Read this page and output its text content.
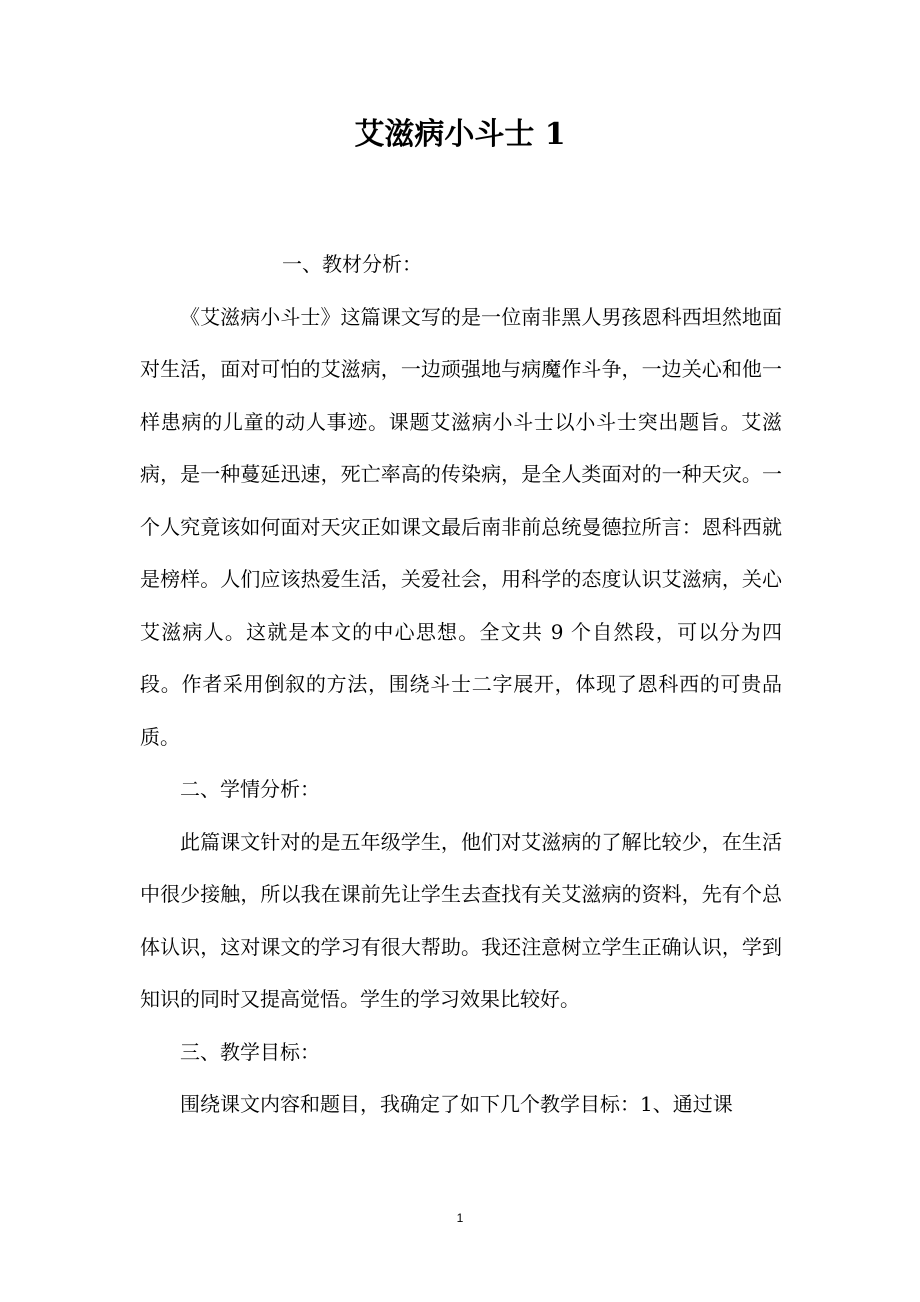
艾滋病小斗士 1

一、教材分析：

《艾滋病小斗士》这篇课文写的是一位南非黑人男孩恩科西坦然地面对生活，面对可怕的艾滋病，一边顽强地与病魔作斗争，一边关心和他一样患病的儿童的动人事迹。课题艾滋病小斗士以小斗士突出题旨。艾滋病，是一种蔓延迅速，死亡率高的传染病，是全人类面对的一种天灾。一个人究竟该如何面对天灾正如课文最后南非前总统曼德拉所言：恩科西就是榜样。人们应该热爱生活，关爱社会，用科学的态度认识艾滋病，关心艾滋病人。这就是本文的中心思想。全文共 9 个自然段，可以分为四段。作者采用倒叙的方法，围绕斗士二字展开，体现了恩科西的可贵品质。

二、学情分析：

此篇课文针对的是五年级学生，他们对艾滋病的了解比较少，在生活中很少接触，所以我在课前先让学生去查找有关艾滋病的资料，先有个总体认识，这对课文的学习有很大帮助。我还注意树立学生正确认识，学到知识的同时又提高觉悟。学生的学习效果比较好。

三、教学目标：

围绕课文内容和题目，我确定了如下几个教学目标：1、通过课

1
